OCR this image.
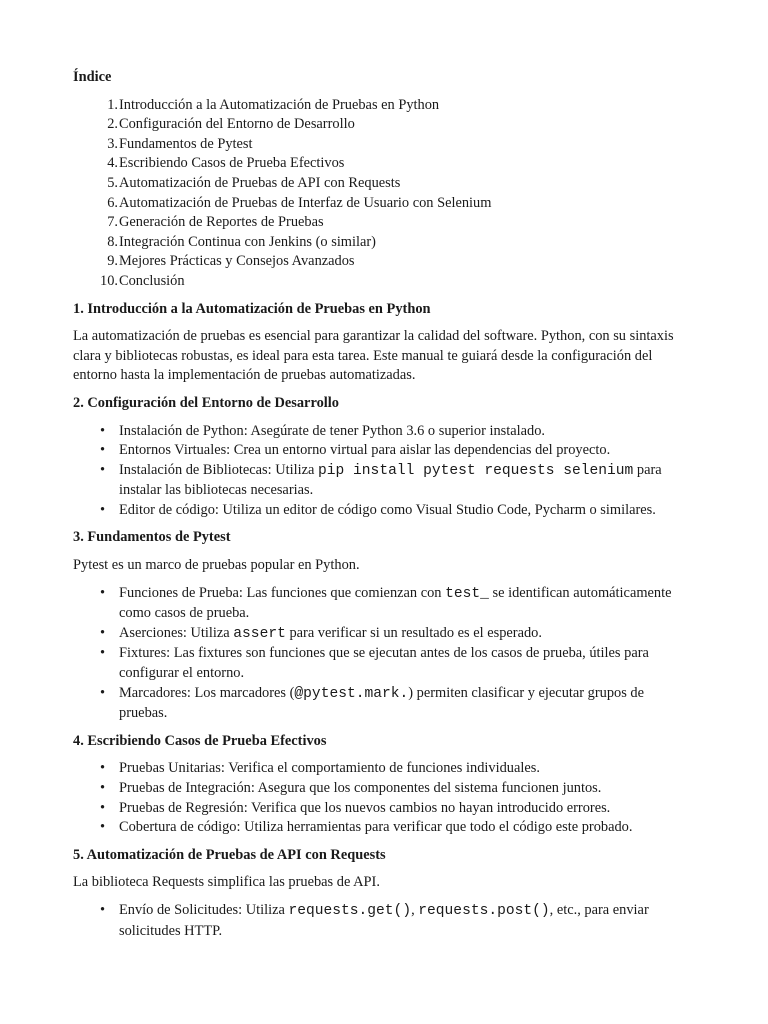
Índice
1. Introducción a la Automatización de Pruebas en Python
2. Configuración del Entorno de Desarrollo
3. Fundamentos de Pytest
4. Escribiendo Casos de Prueba Efectivos
5. Automatización de Pruebas de API con Requests
6. Automatización de Pruebas de Interfaz de Usuario con Selenium
7. Generación de Reportes de Pruebas
8. Integración Continua con Jenkins (o similar)
9. Mejores Prácticas y Consejos Avanzados
10. Conclusión
1. Introducción a la Automatización de Pruebas en Python

La automatización de pruebas es esencial para garantizar la calidad del software. Python, con su sintaxis clara y bibliotecas robustas, es ideal para esta tarea. Este manual te guiará desde la configuración del entorno hasta la implementación de pruebas automatizadas.

2. Configuración del Entorno de Desarrollo
• Instalación de Python: Asegúrate de tener Python 3.6 o superior instalado.
• Entornos Virtuales: Crea un entorno virtual para aislar las dependencias del proyecto.
• Instalación de Bibliotecas: Utiliza pip install pytest requests selenium para instalar las bibliotecas necesarias.
• Editor de código: Utiliza un editor de código como Visual Studio Code, Pycharm o similares.
3. Fundamentos de Pytest

Pytest es un marco de pruebas popular en Python.

• Funciones de Prueba: Las funciones que comienzan con test_ se identifican automáticamente como casos de prueba.
• Aserciones: Utiliza assert para verificar si un resultado es el esperado.
• Fixtures: Las fixtures son funciones que se ejecutan antes de los casos de prueba, útiles para configurar el entorno.
• Marcadores: Los marcadores (@pytest.mark.) permiten clasificar y ejecutar grupos de pruebas.
4. Escribiendo Casos de Prueba Efectivos
• Pruebas Unitarias: Verifica el comportamiento de funciones individuales.
• Pruebas de Integración: Asegura que los componentes del sistema funcionen juntos.
• Pruebas de Regresión: Verifica que los nuevos cambios no hayan introducido errores.
• Cobertura de código: Utiliza herramientas para verificar que todo el código este probado.
5. Automatización de Pruebas de API con Requests

La biblioteca Requests simplifica las pruebas de API.

• Envío de Solicitudes: Utiliza requests.get(), requests.post(), etc., para enviar solicitudes HTTP.
